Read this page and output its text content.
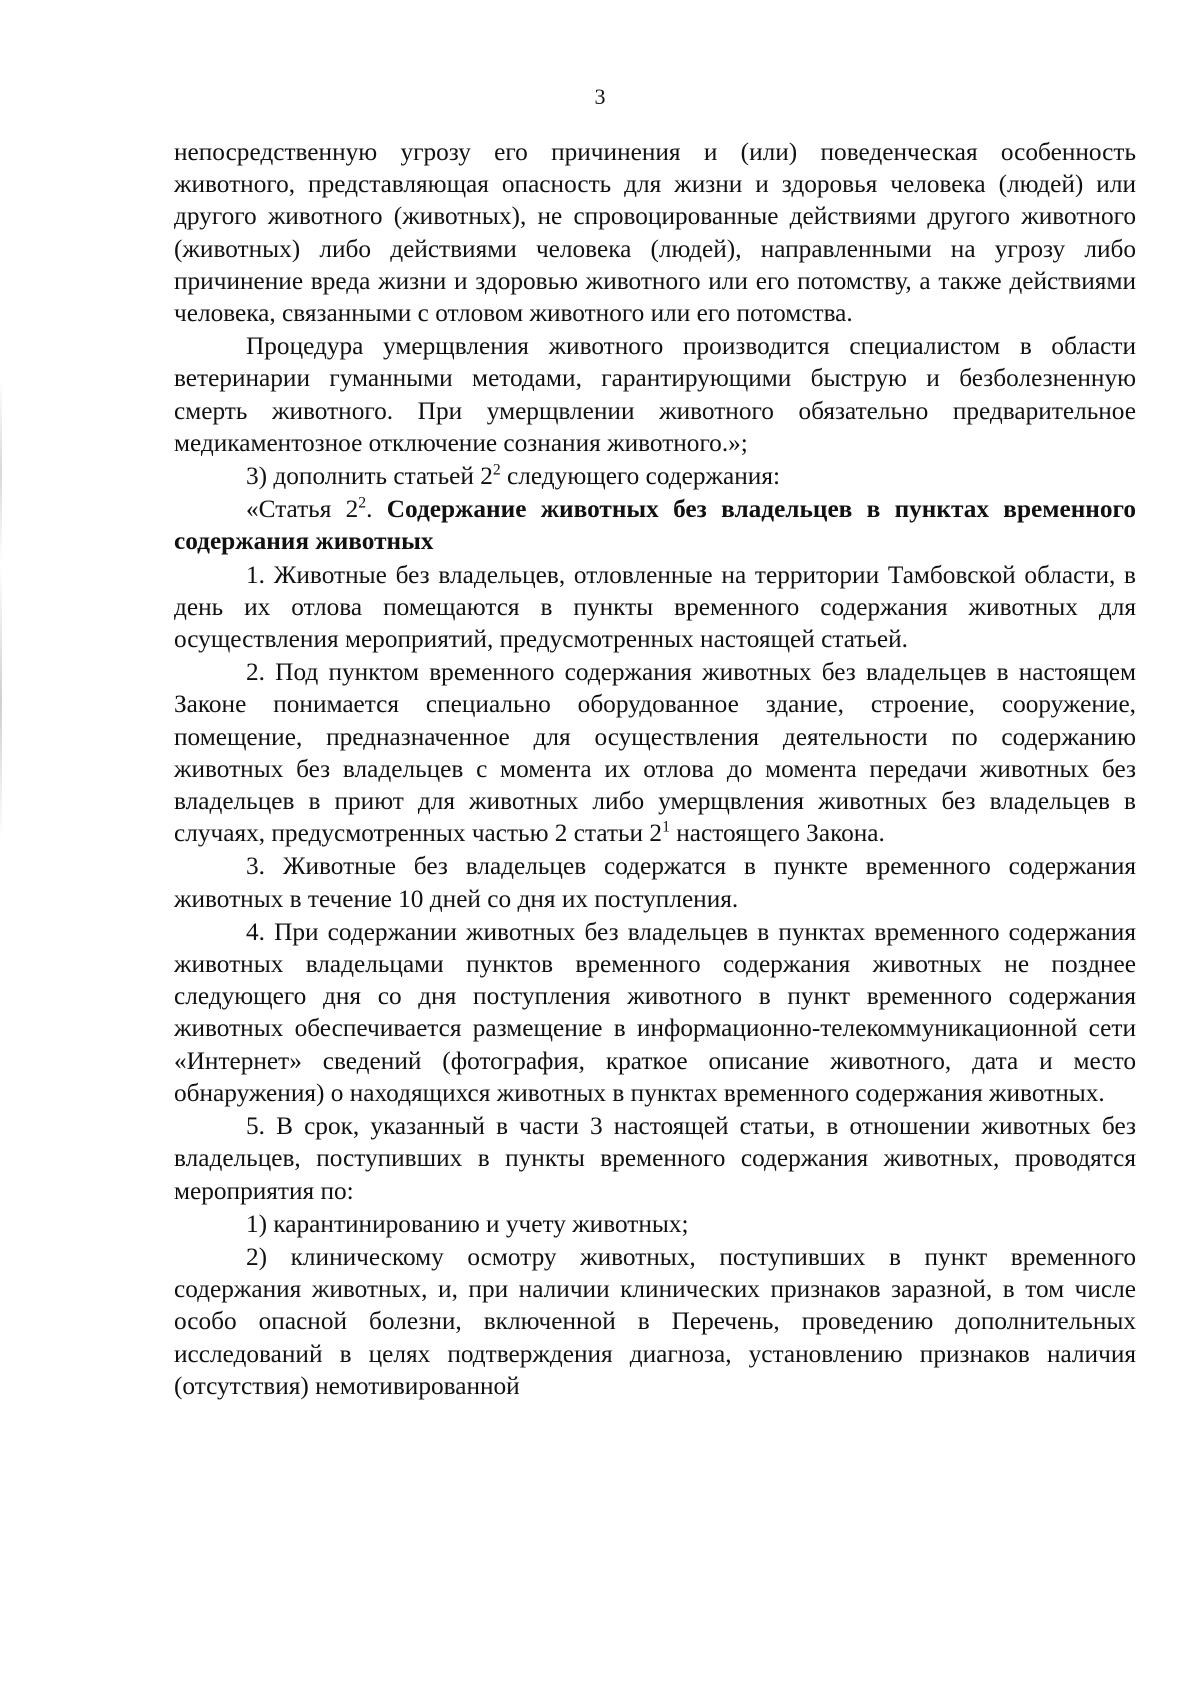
3

непосредственную угрозу его причинения и (или) поведенческая особенность животного, представляющая опасность для жизни и здоровья человека (людей) или другого животного (животных), не спровоцированные действиями другого животного (животных) либо действиями человека (людей), направленными на угрозу либо причинение вреда жизни и здоровью животного или его потомству, а также действиями человека, связанными с отловом животного или его потомства.

Процедура умерщвления животного производится специалистом в области ветеринарии гуманными методами, гарантирующими быструю и безболезненную смерть животного. При умерщвлении животного обязательно предварительное медикаментозное отключение сознания животного.»;

3) дополнить статьей $2^2$ следующего содержания:

«Статья $2^2$. Содержание животных без владельцев в пунктах временного содержания животных

1. Животные без владельцев, отловленные на территории Тамбовской области, в день их отлова помещаются в пункты временного содержания животных для осуществления мероприятий, предусмотренных настоящей статьей.

2. Под пунктом временного содержания животных без владельцев в настоящем Законе понимается специально оборудованное здание, строение, сооружение, помещение, предназначенное для осуществления деятельности по содержанию животных без владельцев с момента их отлова до момента передачи животных без владельцев в приют для животных либо умерщвления животных без владельцев в случаях, предусмотренных частью 2 статьи $2^1$ настоящего Закона.

3. Животные без владельцев содержатся в пункте временного содержания животных в течение 10 дней со дня их поступления.

4. При содержании животных без владельцев в пунктах временного содержания животных владельцами пунктов временного содержания животных не позднее следующего дня со дня поступления животного в пункт временного содержания животных обеспечивается размещение в информационно-телекоммуникационной сети «Интернет» сведений (фотография, краткое описание животного, дата и место обнаружения) о находящихся животных в пунктах временного содержания животных.

5. В срок, указанный в части 3 настоящей статьи, в отношении животных без владельцев, поступивших в пункты временного содержания животных, проводятся мероприятия по:

1) карантинированию и учету животных;

2) клиническому осмотру животных, поступивших в пункт временного содержания животных, и, при наличии клинических признаков заразной, в том числе особо опасной болезни, включенной в Перечень, проведению дополнительных исследований в целях подтверждения диагноза, установлению признаков наличия (отсутствия) немотивированной
